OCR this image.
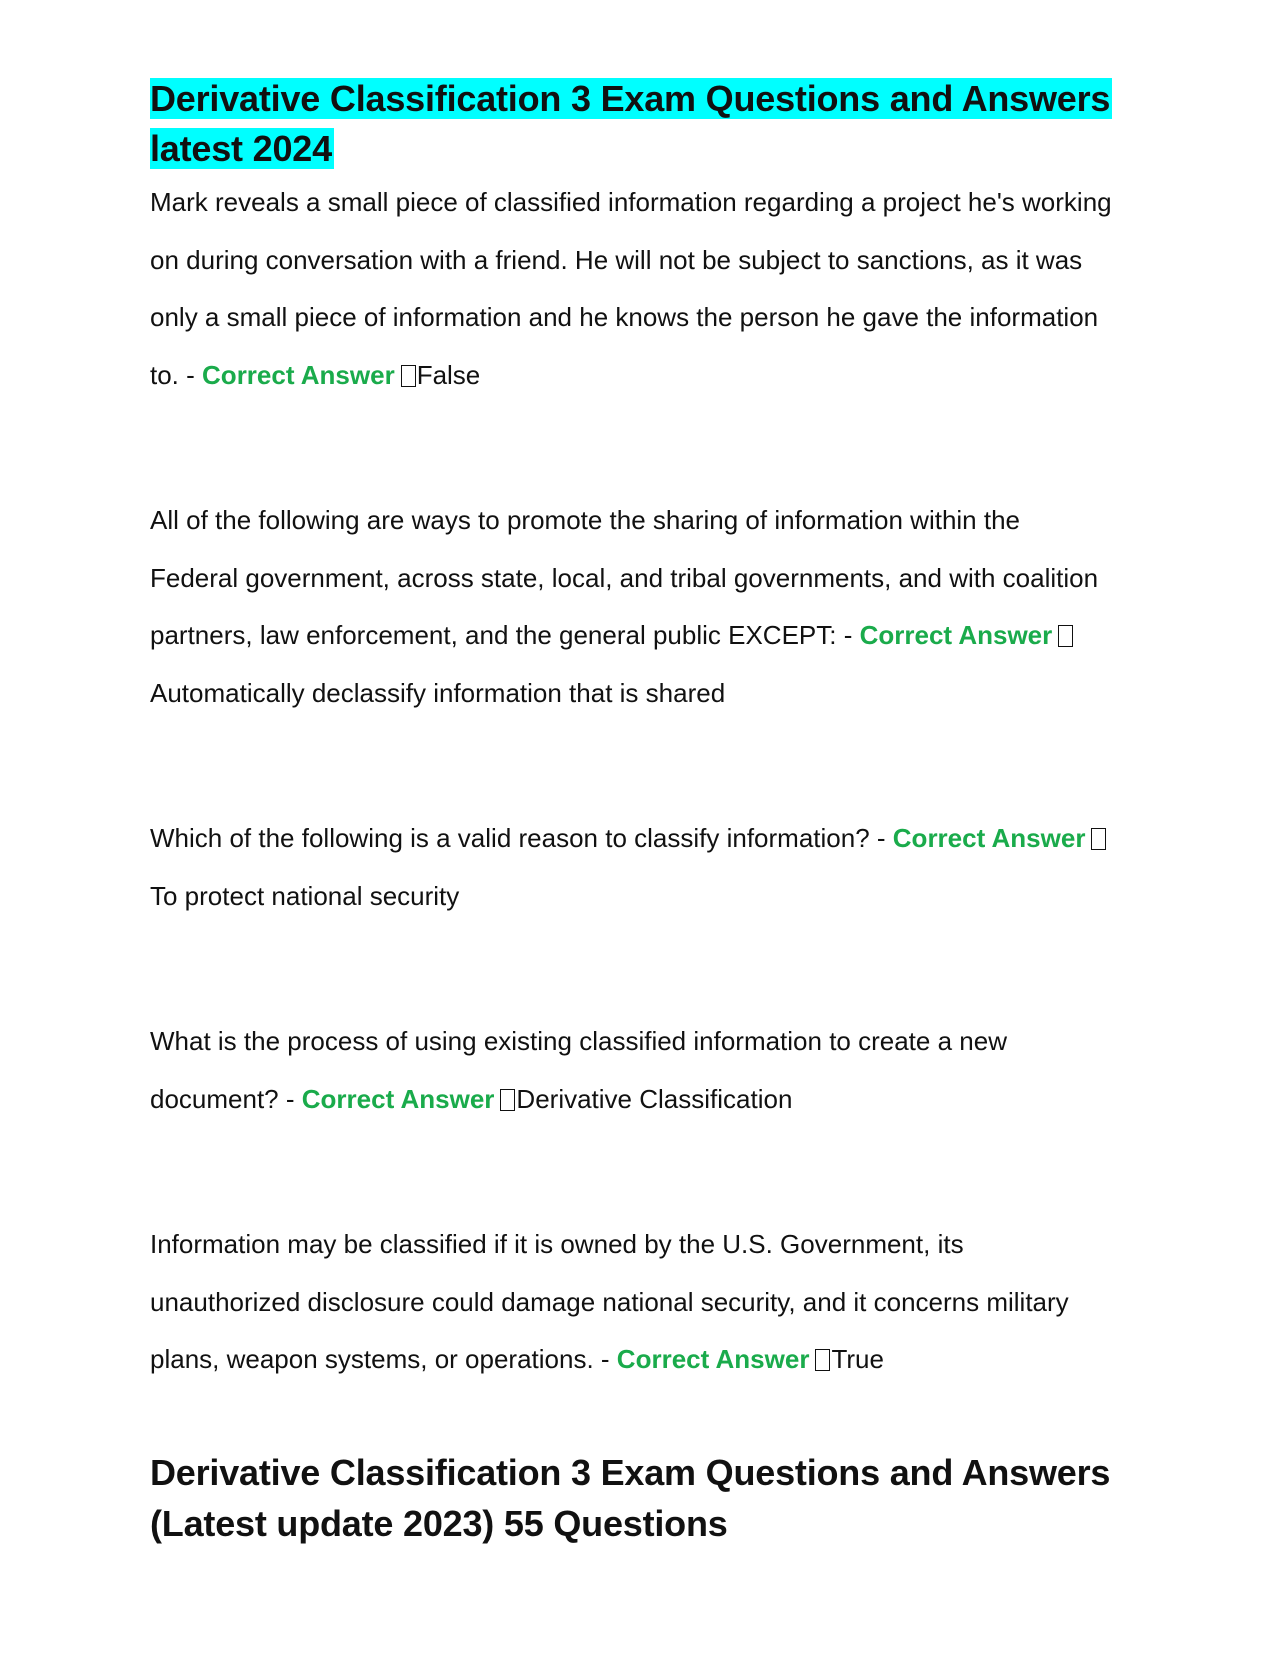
Derivative Classification 3 Exam Questions and Answers latest 2024

Mark reveals a small piece of classified information regarding a project he's working on during conversation with a friend. He will not be subject to sanctions, as it was only a small piece of information and he knows the person he gave the information to. - Correct Answer False

All of the following are ways to promote the sharing of information within the Federal government, across state, local, and tribal governments, and with coalition partners, law enforcement, and the general public EXCEPT: - Correct AnswerAutomatically declassify information that is shared

Which of the following is a valid reason to classify information? - Correct AnswerTo protect national security

What is the process of using existing classified information to create a new document? - Correct Answer Derivative Classification

Information may be classified if it is owned by the U.S. Government, its unauthorized disclosure could damage national security, and it concerns military plans, weapon systems, or operations. - Correct Answer True

Derivative Classification 3 Exam Questions and Answers (Latest update 2023) 55 Questions
